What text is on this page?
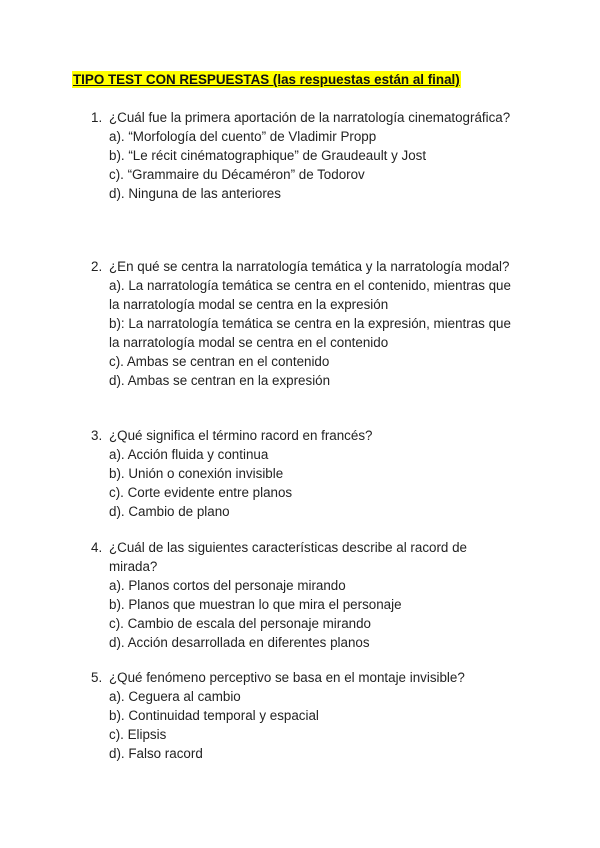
TIPO TEST CON RESPUESTAS (las respuestas están al final)
1. ¿Cuál fue la primera aportación de la narratología cinematográfica?
a). “Morfología del cuento” de Vladimir Propp
b). “Le récit cinématographique” de Graudeault y Jost
c). “Grammaire du Décaméron” de Todorov
d). Ninguna de las anteriores
2. ¿En qué se centra la narratología temática y la narratología modal?
a). La narratología temática se centra en el contenido, mientras que la narratología modal se centra en la expresión
b): La narratología temática se centra en la expresión, mientras que la narratología modal se centra en el contenido
c). Ambas se centran en el contenido
d). Ambas se centran en la expresión
3. ¿Qué significa el término racord en francés?
a). Acción fluida y continua
b). Unión o conexión invisible
c). Corte evidente entre planos
d). Cambio de plano
4. ¿Cuál de las siguientes características describe al racord de mirada?
a). Planos cortos del personaje mirando
b). Planos que muestran lo que mira el personaje
c). Cambio de escala del personaje mirando
d). Acción desarrollada en diferentes planos
5. ¿Qué fenómeno perceptivo se basa en el montaje invisible?
a). Ceguera al cambio
b). Continuidad temporal y espacial
c). Elipsis
d). Falso racord
